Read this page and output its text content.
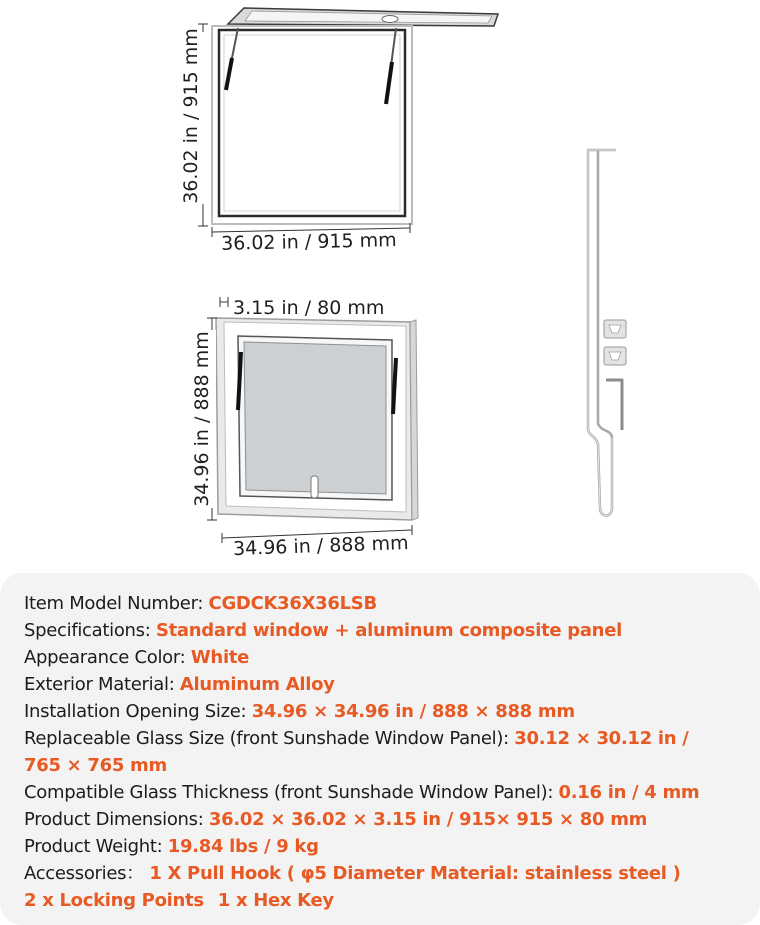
36.02 in / 915 mm
36.02 in / 915 mm
3.15 in / 80 mm
34.96 in / 888 mm
34.96 in / 888 mm
Item Model Number: CGDCK36X36LSB
Specifications: Standard window + aluminum composite panel
Appearance Color: White
Exterior Material: Aluminum Alloy
Installation Opening Size: 34.96 × 34.96 in / 888 × 888 mm
Replaceable Glass Size (front Sunshade Window Panel): 30.12 × 30.12 in /
765 × 765 mm
Compatible Glass Thickness (front Sunshade Window Panel): 0.16 in / 4 mm
Product Dimensions: 36.02 × 36.02 × 3.15 in / 915× 915 × 80 mm
Product Weight: 19.84 lbs / 9 kg
Accessories： 1 X Pull Hook ( φ5 Diameter Material: stainless steel )
2 x Locking Points 1 x Hex Key
